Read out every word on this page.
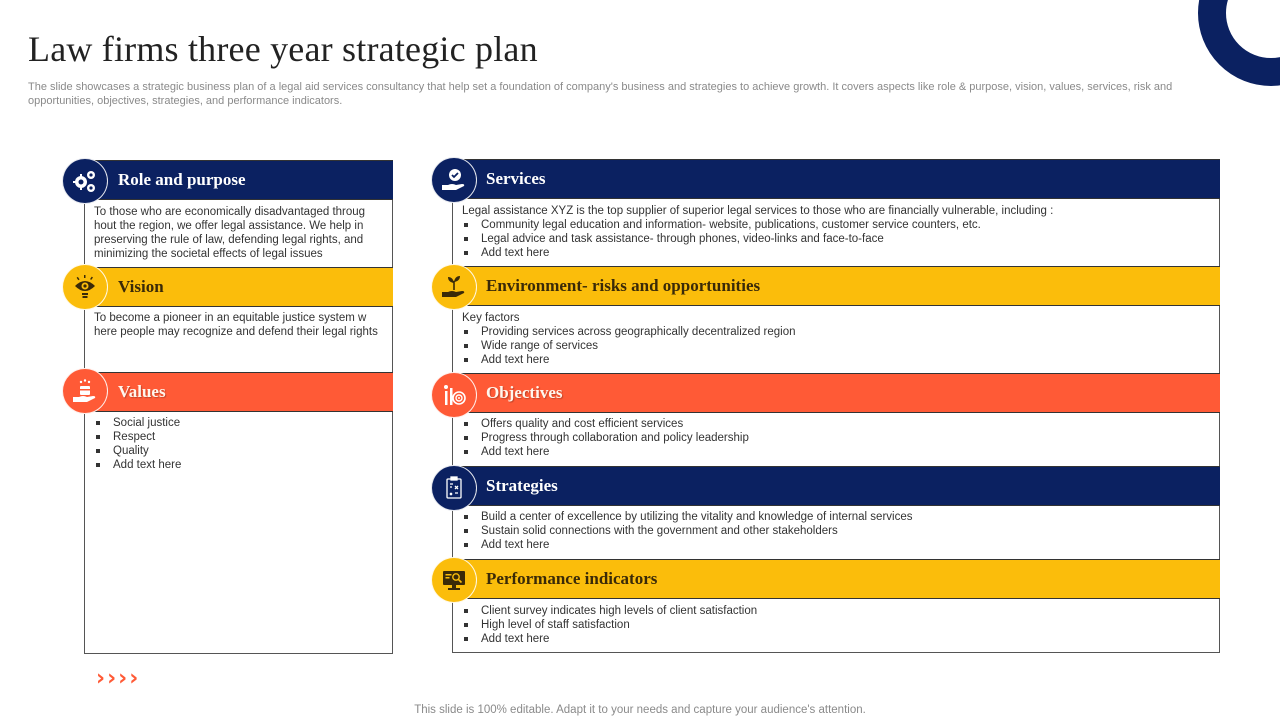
Law firms three year strategic plan
The slide showcases a strategic business plan of a legal aid services consultancy that help set a foundation of company's business and strategies to achieve growth. It covers aspects like role & purpose, vision, values, services, risk and opportunities, objectives, strategies, and performance indicators.
Role and purpose
To those who are economically disadvantaged throug hout the region, we offer legal assistance. We help in preserving the rule of law, defending legal rights, and minimizing the societal effects of legal issues
Vision
To become a pioneer in an equitable justice system w here people may recognize and defend their legal rights
Values
Social justice
Respect
Quality
Add text here
Services
Legal assistance XYZ is the top supplier of superior legal services to those who are financially vulnerable, including :
Community legal education and information- website, publications, customer service counters, etc.
Legal advice and task assistance- through phones, video-links and face-to-face
Add text here
Environment- risks and opportunities
Key factors
Providing services across geographically decentralized region
Wide range of services
Add text here
Objectives
Offers quality and cost efficient services
Progress through collaboration and policy leadership
Add text here
Strategies
Build a center of excellence by utilizing the vitality and knowledge of internal services
Sustain solid connections with the government and other stakeholders
Add text here
Performance indicators
Client survey indicates high levels of client satisfaction
High level of staff satisfaction
Add text here
› › › ›
This slide is 100% editable. Adapt it to your needs and capture your audience's attention.
